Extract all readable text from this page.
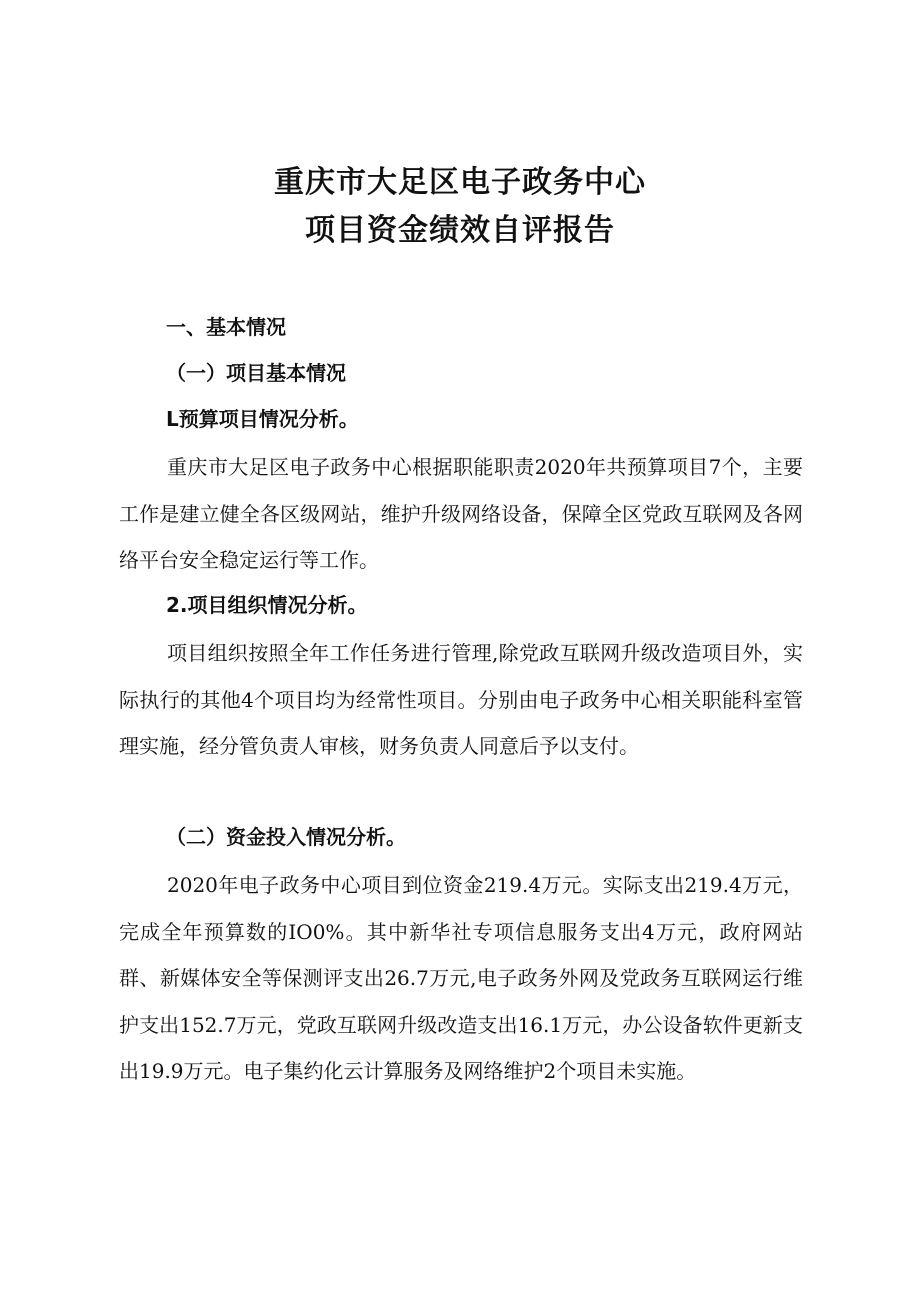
重庆市大足区电子政务中心
项目资金绩效自评报告
一、基本情况
（一）项目基本情况
L预算项目情况分析。

重庆市大足区电子政务中心根据职能职责2020年共预算项目7个，主要工作是建立健全各区级网站，维护升级网络设备，保障全区党政互联网及各网络平台安全稳定运行等工作。

2.项目组织情况分析。

项目组织按照全年工作任务进行管理,除党政互联网升级改造项目外，实际执行的其他4个项目均为经常性项目。分别由电子政务中心相关职能科室管理实施，经分管负责人审核，财务负责人同意后予以支付。

（二）资金投入情况分析。

2020年电子政务中心项目到位资金219.4万元。实际支出219.4万元，完成全年预算数的IO0%。其中新华社专项信息服务支出4万元，政府网站群、新媒体安全等保测评支出26.7万元,电子政务外网及党政务互联网运行维护支出152.7万元，党政互联网升级改造支出16.1万元，办公设备软件更新支出19.9万元。电子集约化云计算服务及网络维护2个项目未实施。
